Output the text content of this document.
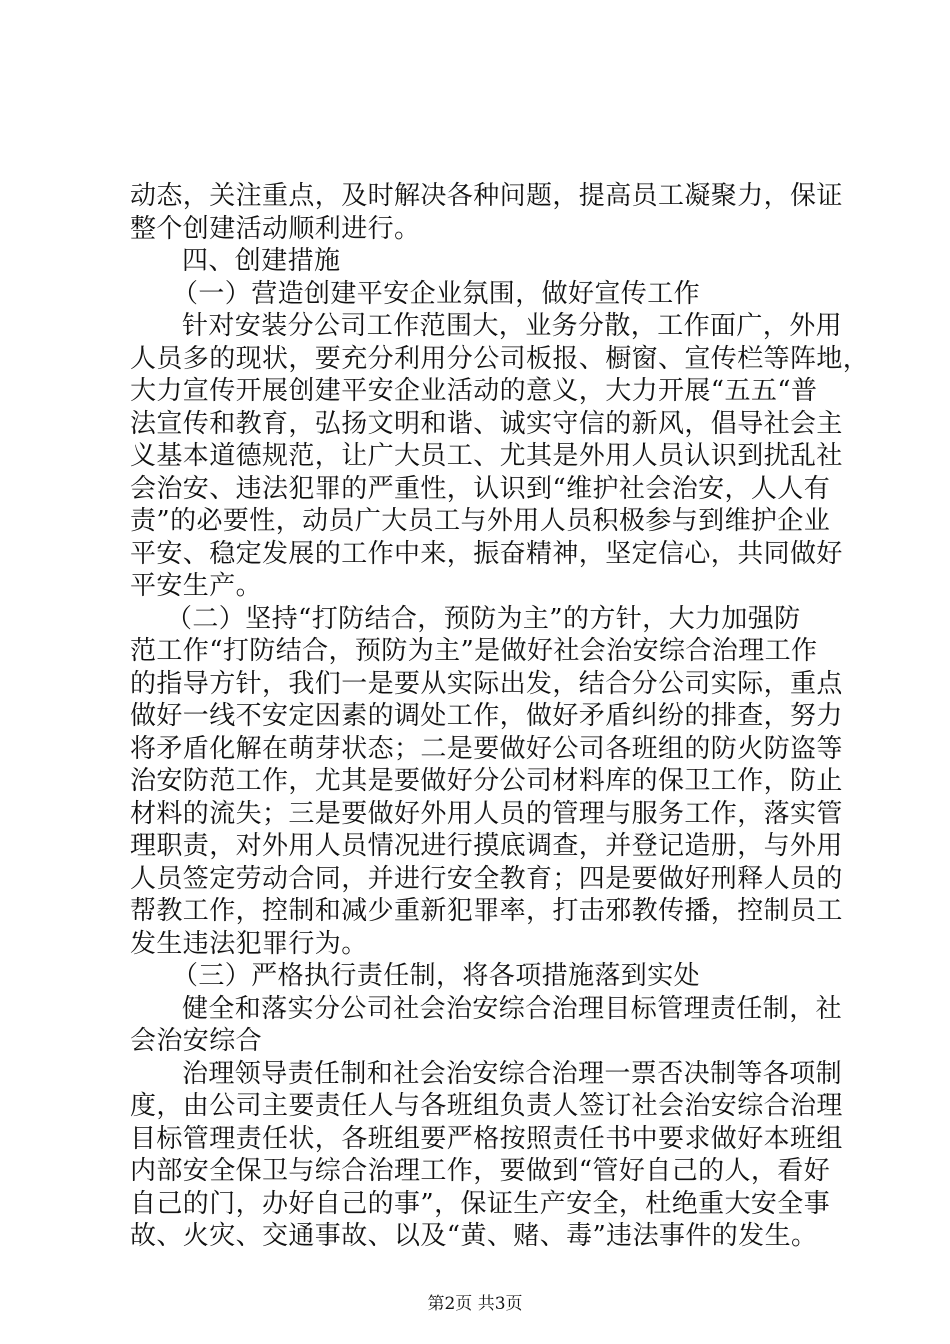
动态，关注重点，及时解决各种问题，提高员工凝聚力，保证
整个创建活动顺利进行。
四、创建措施
（一）营造创建平安企业氛围，做好宣传工作
针对安装分公司工作范围大，业务分散，工作面广，外用
人员多的现状，要充分利用分公司板报、橱窗、宣传栏等阵地，
大力宣传开展创建平安企业活动的意义，大力开展“五五“普
法宣传和教育，弘扬文明和谐、诚实守信的新风，倡导社会主
义基本道德规范，让广大员工、尤其是外用人员认识到扰乱社
会治安、违法犯罪的严重性，认识到“维护社会治安，人人有
责”的必要性，动员广大员工与外用人员积极参与到维护企业
平安、稳定发展的工作中来，振奋精神，坚定信心，共同做好
平安生产。
（二）坚持“打防结合，预防为主”的方针，大力加强防
范工作“打防结合，预防为主”是做好社会治安综合治理工作
的指导方针，我们一是要从实际出发，结合分公司实际，重点
做好一线不安定因素的调处工作，做好矛盾纠纷的排查，努力
将矛盾化解在萌芽状态；二是要做好公司各班组的防火防盗等
治安防范工作，尤其是要做好分公司材料库的保卫工作，防止
材料的流失；三是要做好外用人员的管理与服务工作，落实管
理职责，对外用人员情况进行摸底调查，并登记造册，与外用
人员签定劳动合同，并进行安全教育；四是要做好刑释人员的
帮教工作，控制和减少重新犯罪率，打击邪教传播，控制员工
发生违法犯罪行为。
（三）严格执行责任制，将各项措施落到实处
健全和落实分公司社会治安综合治理目标管理责任制，社
会治安综合
治理领导责任制和社会治安综合治理一票否决制等各项制
度，由公司主要责任人与各班组负责人签订社会治安综合治理
目标管理责任状，各班组要严格按照责任书中要求做好本班组
内部安全保卫与综合治理工作，要做到“管好自己的人，看好
自己的门，办好自己的事”，保证生产安全，杜绝重大安全事
故、火灾、交通事故、以及“黄、赌、毒”违法事件的发生。
第2页 共3页
